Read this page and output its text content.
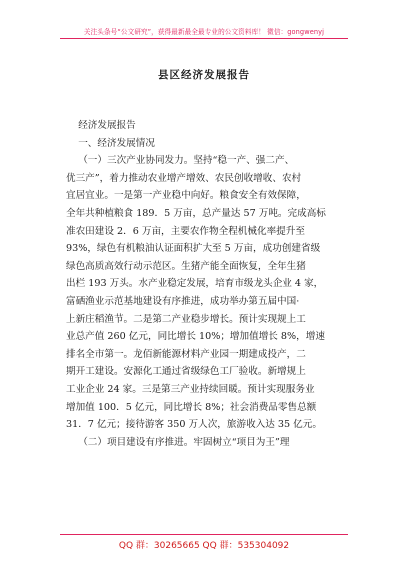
关注头条号“公文研究”，获得最新最全最专业的公文资料库！ 微信：gongwenyj
县区经济发展报告
经济发展报告
一、经济发展情况
（一）三次产业协同发力。坚持“稳一产、强二产、
优三产”，着力推动农业增产增效、农民创收增收、农村
宜居宜业。一是第一产业稳中向好。粮食安全有效保障，
全年共种植粮食 189．5 万亩，总产量达 57 万吨。完成高标
准农田建设 2．6 万亩，主要农作物全程机械化率提升至
93%，绿色有机粮油认证面积扩大至 5 万亩，成功创建省级
绿色高质高效行动示范区。生猪产能全面恢复，全年生猪
出栏 193 万头。水产业稳定发展，培育市级龙头企业 4 家，
富硒渔业示范基地建设有序推进，成功举办第五届中国·
上新庄稻渔节。二是第二产业稳步增长。预计实现规上工
业总产值 260 亿元，同比增长 10%；增加值增长 8%，增速
排名全市第一。龙佰新能源材料产业园一期建成投产，二
期开工建设。安源化工通过省级绿色工厂验收。新增规上
工业企业 24 家。三是第三产业持续回暖。预计实现服务业
增加值 100．5 亿元，同比增长 8%；社会消费品零售总额
31．7 亿元；接待游客 350 万人次，旅游收入达 35 亿元。
（二）项目建设有序推进。牢固树立“项目为王”理
QQ 群：30265665 QQ 群：535304092
